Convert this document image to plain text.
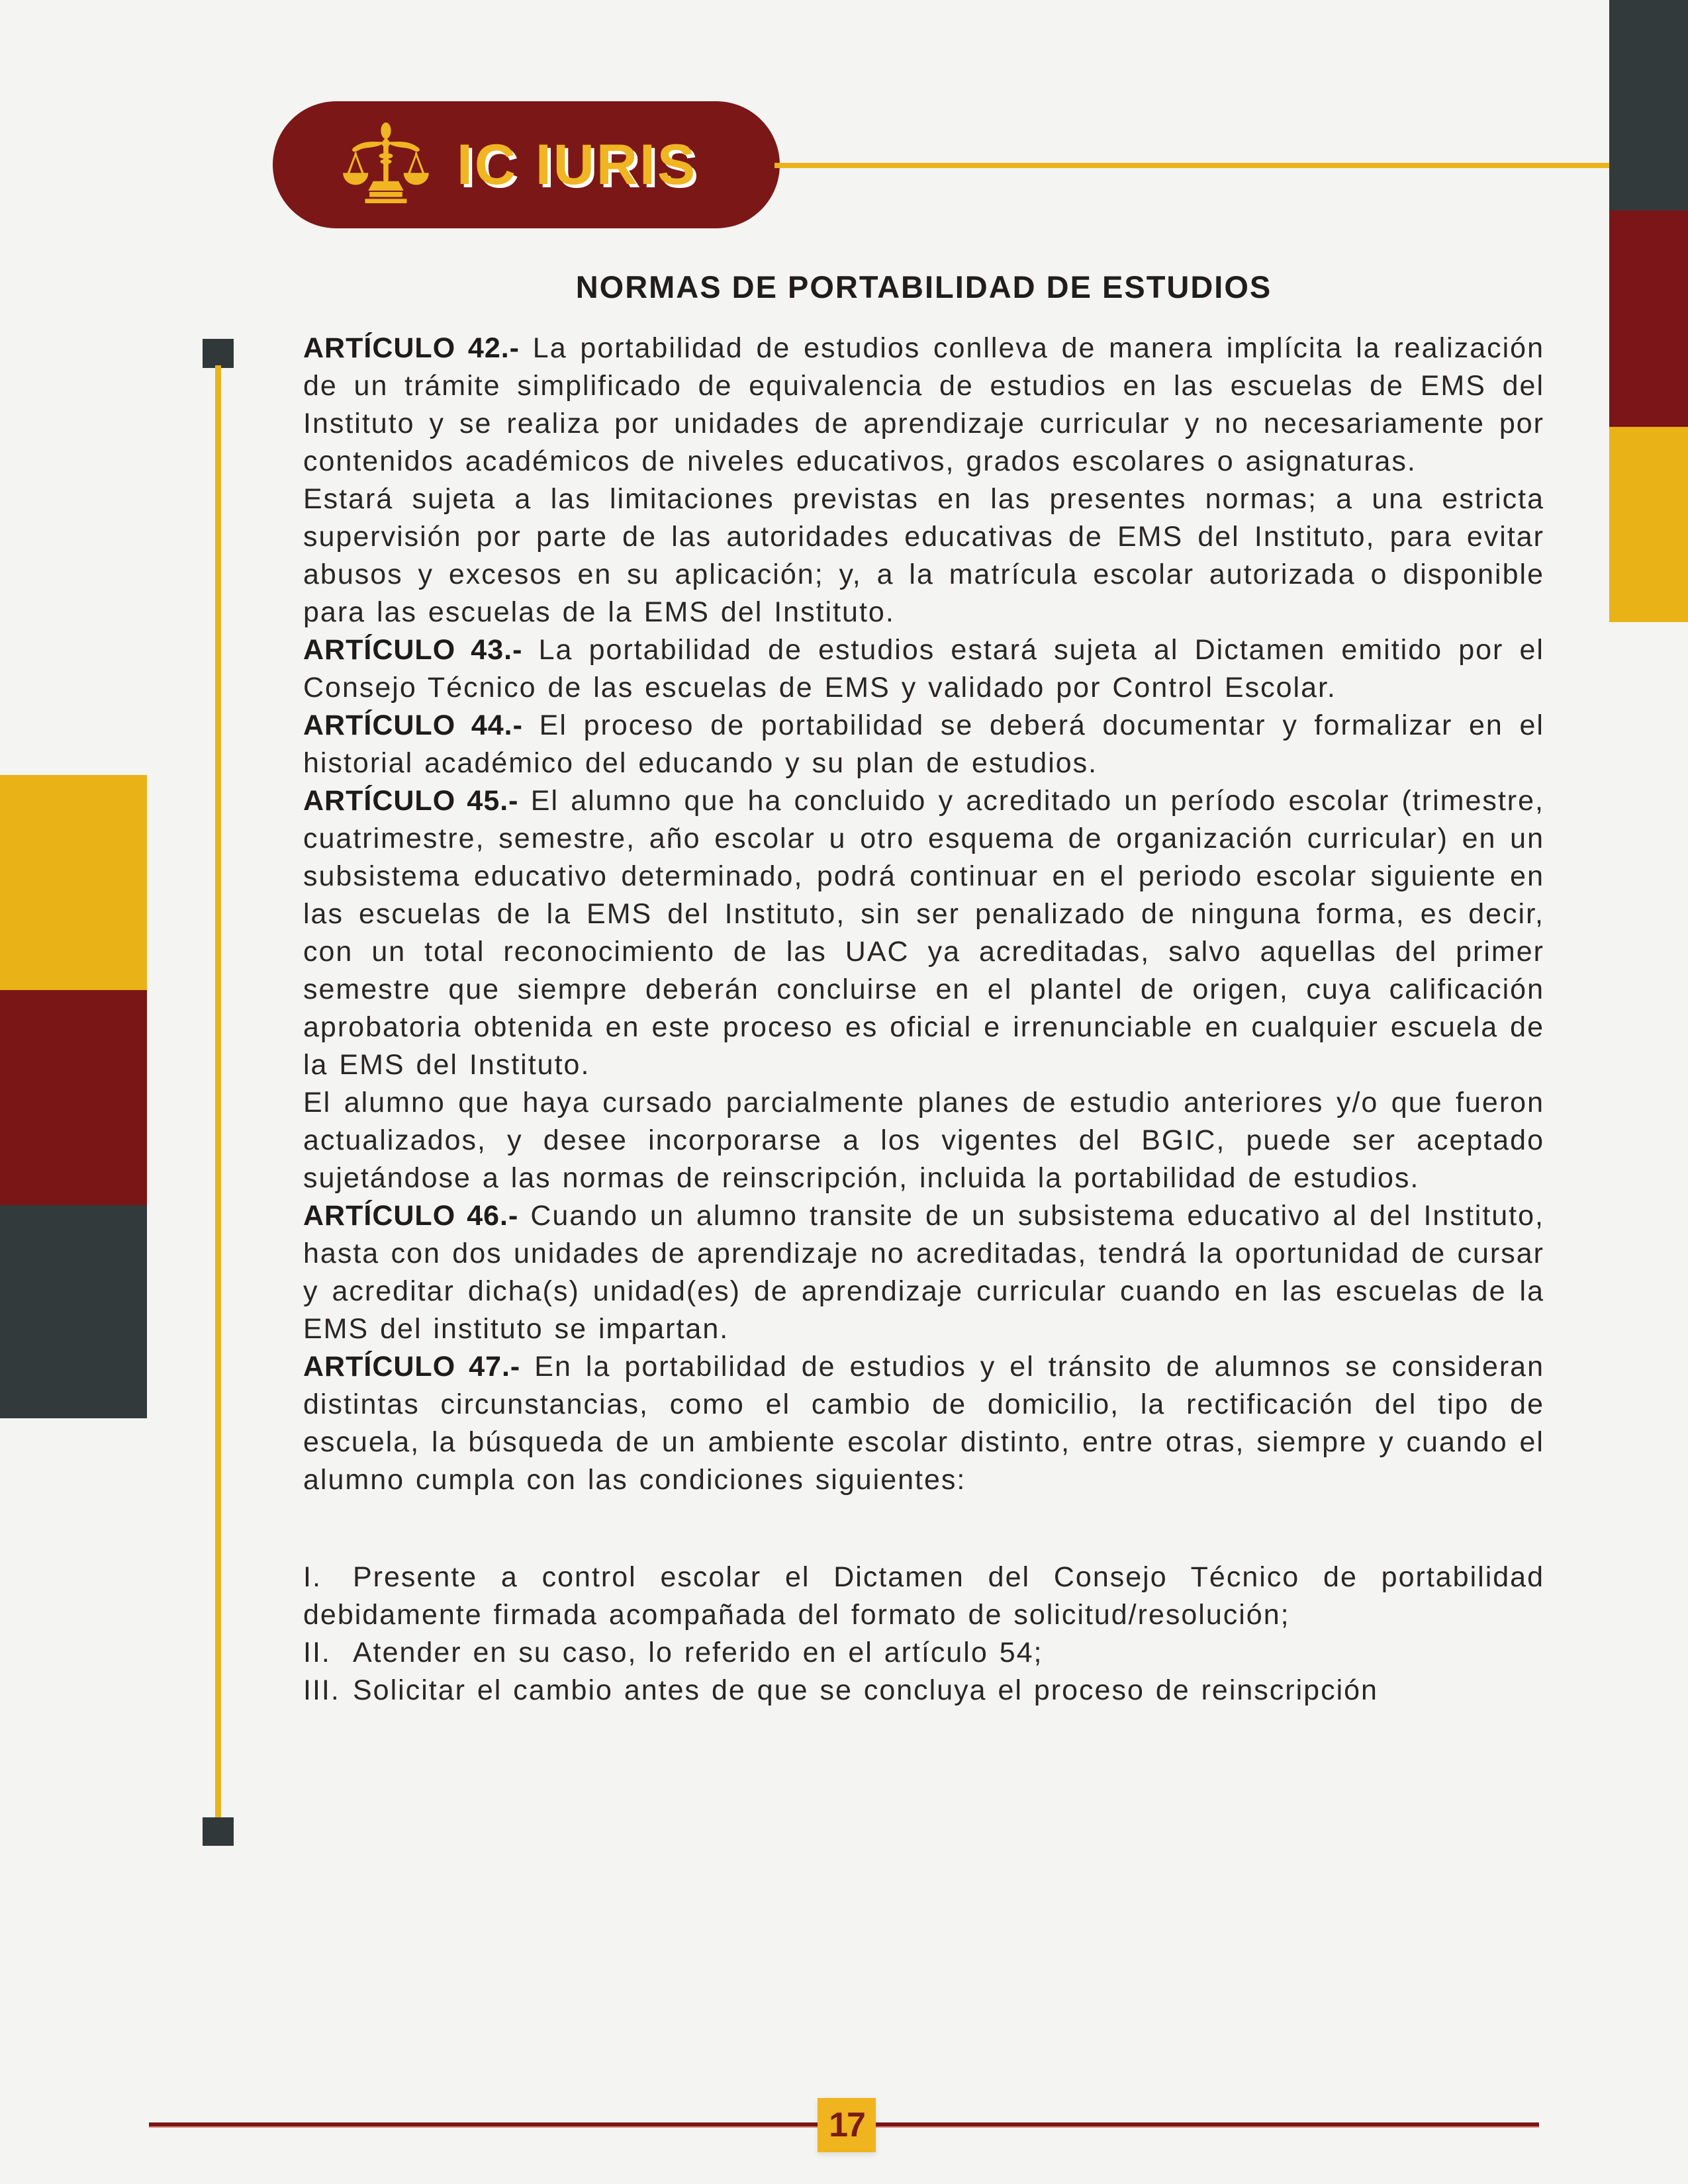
IC IURIS
NORMAS DE PORTABILIDAD DE ESTUDIOS

ARTÍCULO 42.- La portabilidad de estudios conlleva de manera implícita la realización de un trámite simplificado de equivalencia de estudios en las escuelas de EMS del Instituto y se realiza por unidades de aprendizaje curricular y no necesariamente por contenidos académicos de niveles educativos, grados escolares o asignaturas.

Estará sujeta a las limitaciones previstas en las presentes normas; a una estricta supervisión por parte de las autoridades educativas de EMS del Instituto, para evitar abusos y excesos en su aplicación; y, a la matrícula escolar autorizada o disponible para las escuelas de la EMS del Instituto.

ARTÍCULO 43.- La portabilidad de estudios estará sujeta al Dictamen emitido por el Consejo Técnico de las escuelas de EMS y validado por Control Escolar.

ARTÍCULO 44.- El proceso de portabilidad se deberá documentar y formalizar en el historial académico del educando y su plan de estudios.

ARTÍCULO 45.- El alumno que ha concluido y acreditado un período escolar (trimestre, cuatrimestre, semestre, año escolar u otro esquema de organización curricular) en un subsistema educativo determinado, podrá continuar en el periodo escolar siguiente en las escuelas de la EMS del Instituto, sin ser penalizado de ninguna forma, es decir, con un total reconocimiento de las UAC ya acreditadas, salvo aquellas del primer semestre que siempre deberán concluirse en el plantel de origen, cuya calificación aprobatoria obtenida en este proceso es oficial e irrenunciable en cualquier escuela de la EMS del Instituto.

El alumno que haya cursado parcialmente planes de estudio anteriores y/o que fueron actualizados, y desee incorporarse a los vigentes del BGIC, puede ser aceptado sujetándose a las normas de reinscripción, incluida la portabilidad de estudios.

ARTÍCULO 46.- Cuando un alumno transite de un subsistema educativo al del Instituto, hasta con dos unidades de aprendizaje no acreditadas, tendrá la oportunidad de cursar y acreditar dicha(s) unidad(es) de aprendizaje curricular cuando en las escuelas de la EMS del instituto se impartan.

ARTÍCULO 47.- En la portabilidad de estudios y el tránsito de alumnos se consideran distintas circunstancias, como el cambio de domicilio, la rectificación del tipo de escuela, la búsqueda de un ambiente escolar distinto, entre otras, siempre y cuando el alumno cumpla con las condiciones siguientes:

I. Presente a control escolar el Dictamen del Consejo Técnico de portabilidad debidamente firmada acompañada del formato de solicitud/resolución;

II. Atender en su caso, lo referido en el artículo 54;

III. Solicitar el cambio antes de que se concluya el proceso de reinscripción

17
